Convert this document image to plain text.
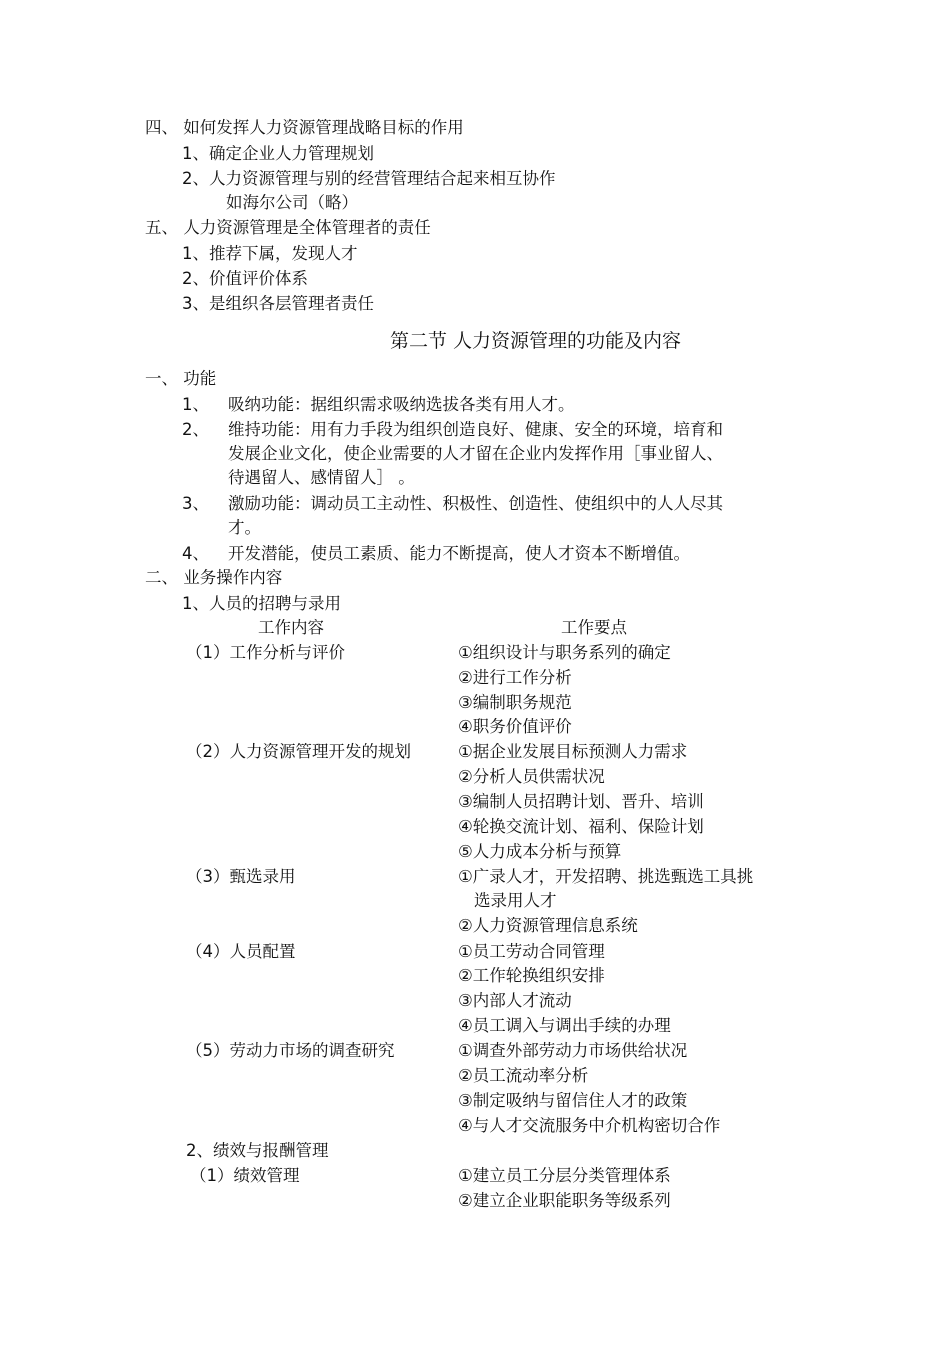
四、 如何发挥人力资源管理战略目标的作用
1、确定企业人力管理规划
2、人力资源管理与别的经营管理结合起来相互协作
如海尔公司（略）
五、 人力资源管理是全体管理者的责任
1、推荐下属，发现人才
2、价值评价体系
3、是组织各层管理者责任
第二节 人力资源管理的功能及内容
一、 功能
1、 吸纳功能：据组织需求吸纳选拔各类有用人才。
2、 维持功能：用有力手段为组织创造良好、健康、安全的环境，培育和
发展企业文化，使企业需要的人才留在企业内发挥作用［事业留人、
待遇留人、感情留人］ 。
3、 激励功能：调动员工主动性、积极性、创造性、使组织中的人人尽其
才。
4、 开发潜能，使员工素质、能力不断提高，使人才资本不断增值。
二、 业务操作内容
1、人员的招聘与录用
工作内容	工作要点
（1）工作分析与评价	①组织设计与职务系列的确定
②进行工作分析
③编制职务规范
④职务价值评价
（2）人力资源管理开发的规划	①据企业发展目标预测人力需求
②分析人员供需状况
③编制人员招聘计划、晋升、培训
④轮换交流计划、福利、保险计划
⑤人力成本分析与预算
（3）甄选录用	①广录人才，开发招聘、挑选甄选工具挑
选录用人才
②人力资源管理信息系统
（4）人员配置	①员工劳动合同管理
②工作轮换组织安排
③内部人才流动
④员工调入与调出手续的办理
（5）劳动力市场的调查研究	①调查外部劳动力市场供给状况
②员工流动率分析
③制定吸纳与留信住人才的政策
④与人才交流服务中介机构密切合作
2、绩效与报酬管理
（1）绩效管理	①建立员工分层分类管理体系
②建立企业职能职务等级系列
